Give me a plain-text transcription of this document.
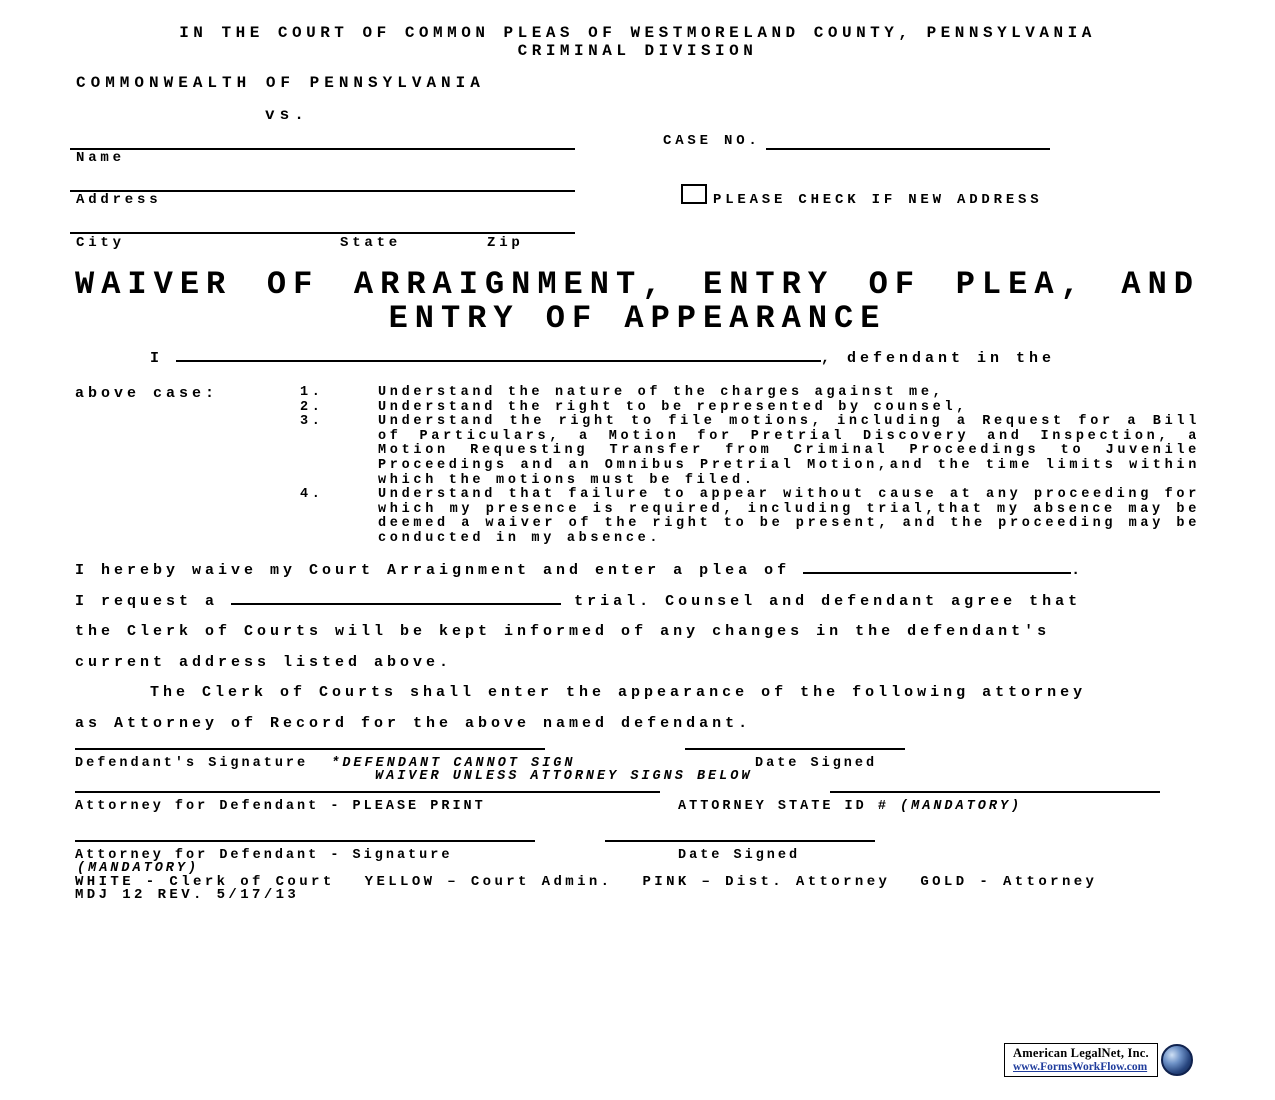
IN THE COURT OF COMMON PLEAS OF WESTMORELAND COUNTY, PENNSYLVANIA
CRIMINAL DIVISION
COMMONWEALTH OF PENNSYLVANIA
vs.
CASE NO.
Name
PLEASE CHECK IF NEW ADDRESS
Address
City	State	Zip
WAIVER OF ARRAIGNMENT, ENTRY OF PLEA, AND
ENTRY OF APPEARANCE
I	, defendant in the
above case:	1.	Understand the nature of the charges against me,
2.	Understand the right to be represented by counsel,
3.	Understand the right to file motions, including a Request for a Bill of Particulars, a Motion for Pretrial Discovery and Inspection, a Motion Requesting Transfer from Criminal Proceedings to Juvenile Proceedings and an Omnibus Pretrial Motion,and the time limits within which the motions must be filed.
4.	Understand that failure to appear without cause at any proceeding for which my presence is required, including trial,that my absence may be deemed a waiver of the right to be present, and the proceeding may be conducted in my absence.
I hereby waive my Court Arraignment and enter a plea of	.
I request a	trial. Counsel and defendant agree that the Clerk of Courts will be kept informed of any changes in the defendant's current address listed above.
The Clerk of Courts shall enter the appearance of the following attorney as Attorney of Record for the above named defendant.
Defendant's Signature *DEFENDANT CANNOT SIGN	Date Signed
WAIVER UNLESS ATTORNEY SIGNS BELOW
Attorney for Defendant - PLEASE PRINT	ATTORNEY STATE ID # (MANDATORY)
Attorney for Defendant - Signature	Date Signed
(MANDATORY)
WHITE - Clerk of Court YELLOW – Court Admin. PINK – Dist. Attorney GOLD - Attorney
MDJ 12 REV. 5/17/13
American LegalNet, Inc.
www.FormsWorkFlow.com
